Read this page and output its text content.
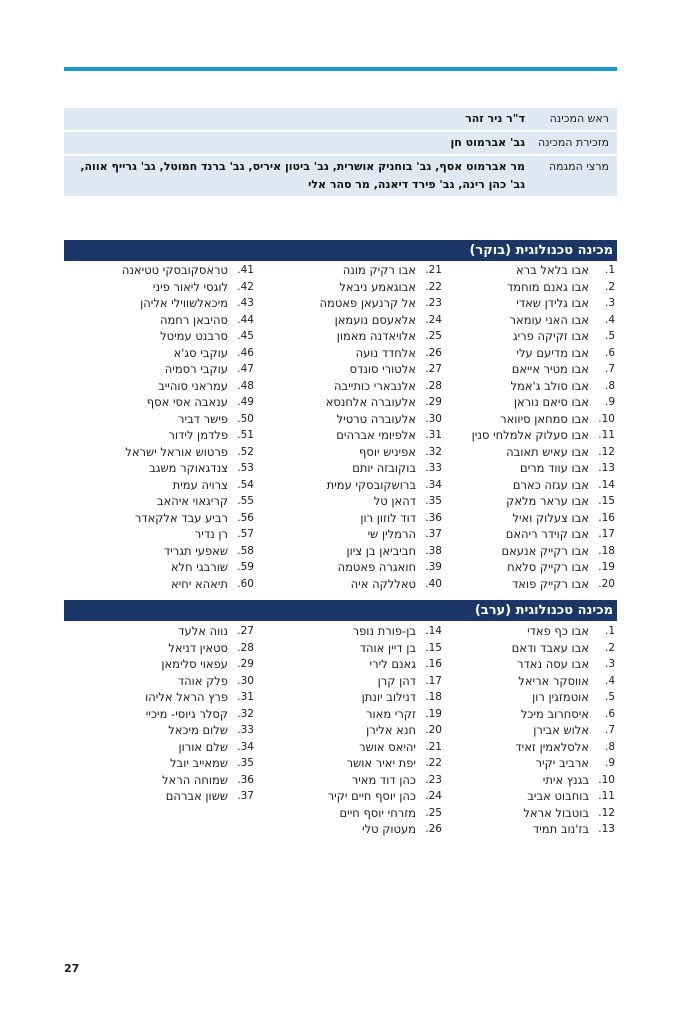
ראש המכינה
ד"ר ניר זהר
מזכירת המכינה
גב' אברמוט חן
מרצי המגמה
מר אברמוט אסף, גב' בוחניק אושרית, גב' ביטון איריס, גב' ברנד חמוטל, גב' גרייף אווה, גב' כהן רינה, גב' פירד דיאנה, מר סהר אלי
מכינה טכנולוגית (בוקר)
1.
אבו בלאל ברא
2.
אבו גאנם מוחמד
3.
אבו גלידן שאדי
4.
אבו האני עומאר
5.
אבו זקיקה פריג
6.
אבו מדיעם עלי
7.
אבו מטיר אייאם
8.
אבו סולב ג'אמל
9.
אבו סיאם נוראן
10.
אבו סמחאן סיוואר
11.
אבו סעלוק אלמלחי סנין
12.
אבו עאיש תאובה
13.
אבו עווד מרים
14.
אבו עגזה כארם
15.
אבו עראר מלאק
16.
אבו צעלוק ואיל
17.
אבו קוידר ריהאם
18.
אבו רקייק אנעאם
19.
אבו רקייק סלאח
20.
אבו רקייק פואד
21.
אבו רקיק מונה
22.
אבוגאמע ניבאל
23.
אל קרנעאן פאטמה
24.
אלאעסם נועמאן
25.
אלויאדנה מאמון
26.
אלחדד נועה
27.
אלטורי סונדס
28.
אלנבארי כותייבה
29.
אלעוברה אלחנסא
30.
אלעוברה טרטיל
31.
אלפיומי אברהים
32.
אפיניש יוסף
33.
בוקובזה יותם
34.
ברושקובסקי עמית
35.
דהאן טל
36.
דוד לוזון רון
37.
הרמלין שי
38.
חביביאן בן ציון
39.
חואגרה פאטמה
40.
טאללקה איה
41.
טראסקובסקי טטיאנה
42.
לוגסי ליאור פיני
43.
מיכאלשווילי אליהן
44.
סהיבאן רחמה
45.
סרבנט עמיטל
46.
עוקבי סג'א
47.
עוקבי רסמיה
48.
עמראני סוהייב
49.
ענאבה אסי אסף
50.
פישר דביר
51.
פלדמן לידור
52.
פרטוש אוראל ישראל
53.
צנדגאוקר משגב
54.
צרויה עמית
55.
קריגאוי איהאב
56.
רביע עבד אלקאדר
57.
רן נדיר
58.
שאפעי תגריד
59.
שורבגי חלא
60.
תיאהא יחיא
מכינה טכנולוגית (ערב)
1.
אבו כף פאדי
2.
אבו עאבד ודאם
3.
אבו עסה נאדר
4.
אווסקר אריאל
5.
אוטמזגין רון
6.
איסחרוב מיכל
7.
אלוש אבירן
8.
אלסלאמין זאיד
9.
ארביב יקיר
10.
בגנץ איתי
11.
בוחבוט אביב
12.
בוטבול אראל
13.
בז'נוב תמיד
14.
בן-פורת נופר
15.
בן דיין אוהד
16.
גאנם לירי
17.
דהן קרן
18.
דנילוב יונתן
19.
זקרי מאור
20.
חנא אלירן
21.
יהיאס אושר
22.
יפת יאיר אושר
23.
כהן דוד מאיר
24.
כהן יוסף חיים יקיר
25.
מזרחי יוסף חיים
26.
מעטוק טלי
27.
נווה אלעד
28.
סטאין דניאל
29.
עפאוי סלימאן
30.
פלק אוהד
31.
פרץ הראל אליהו
32.
קסלר גיוסי- מיכיי
33.
שלום מיכאל
34.
שלם אורון
35.
שמאייב יובל
36.
שמוחה הראל
37.
ששון אברהם
27
